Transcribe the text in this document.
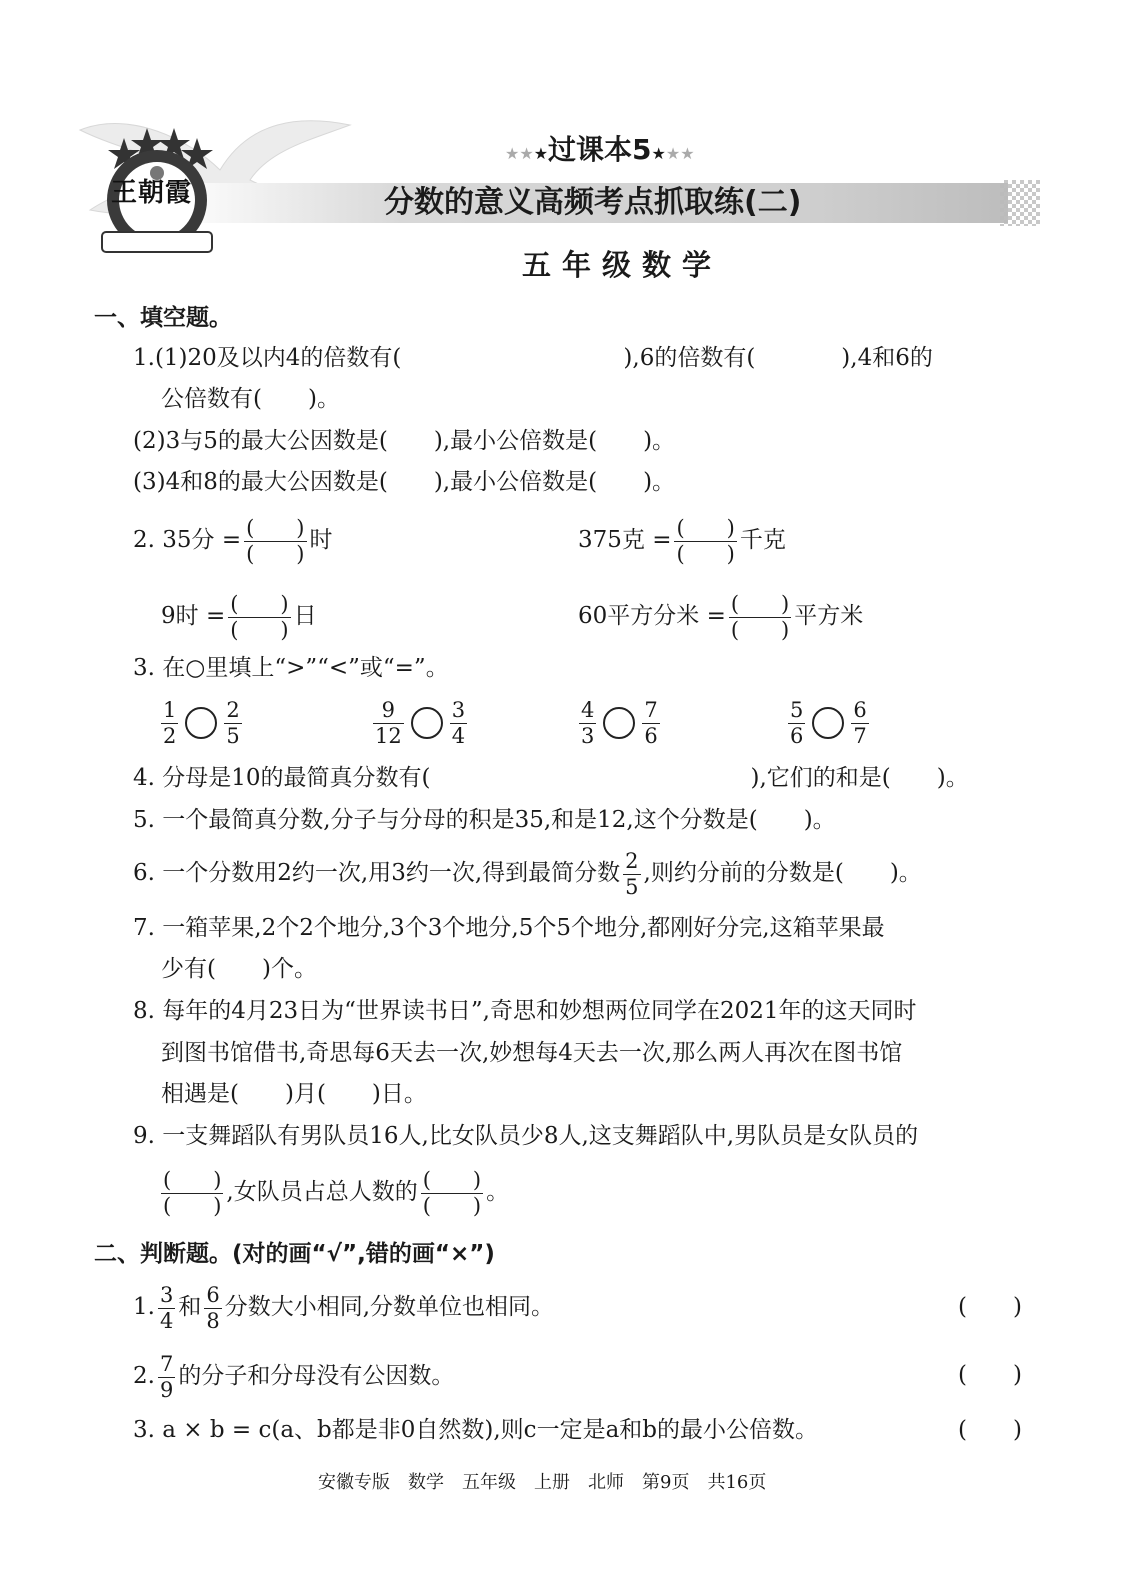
王朝霞
★★★过课本5★★★
分数的意义高频考点抓取练(二)
五年级数学
一、填空题。
1.(1)20及以内4的倍数有(	),6的倍数有(	),4和6的
公倍数有(　　)。
(2)3与5的最大公因数是(　　),最小公倍数是(　　)。
(3)4和8的最大公因数是(　　),最小公倍数是(　　)。
2. 35分 = $\frac{( )}{( )}$ 时	375克 = $\frac{( )}{( )}$ 千克
9时 = $\frac{( )}{( )}$ 日	60平方分米 = $\frac{( )}{( )}$ 平方米
3. 在○里填上“>”“<”或“=”。
$\frac{1}{2} \frac{2}{5}$	$\frac{9}{12} \frac{3}{4}$	$\frac{4}{3} \frac{7}{6}$	$\frac{5}{6} \frac{6}{7}$
4. 分母是10的最简真分数有(	),它们的和是(　　)。
5. 一个最简真分数,分子与分母的积是35,和是12,这个分数是(　　)。
6. 一个分数用2约一次,用3约一次,得到最简分数 $\frac{2}{5}$ ,则约分前的分数是(　　)。
7. 一箱苹果,2个2个地分,3个3个地分,5个5个地分,都刚好分完,这箱苹果最
少有(　　)个。
8. 每年的4月23日为“世界读书日”,奇思和妙想两位同学在2021年的这天同时
到图书馆借书,奇思每6天去一次,妙想每4天去一次,那么两人再次在图书馆
相遇是(　　)月(　　)日。
9. 一支舞蹈队有男队员16人,比女队员少8人,这支舞蹈队中,男队员是女队员的
$\frac{( )}{( )}$ ,女队员占总人数的 $\frac{( )}{( )}$ 。
二、判断题。(对的画“√”,错的画“×”)
1. $\frac{3}{4}$ 和 $\frac{6}{8}$ 分数大小相同,分数单位也相同。	(　　)
2. $\frac{7}{9}$ 的分子和分母没有公因数。	(　　)
3. a × b = c(a、b都是非0自然数),则c一定是a和b的最小公倍数。	(　　)
安徽专版　数学　五年级　上册　北师　第9页　共16页
